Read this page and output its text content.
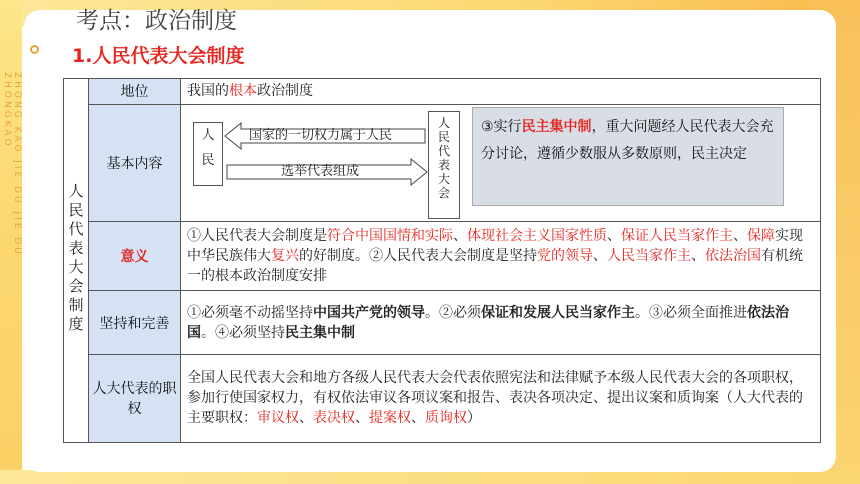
ZHONG KAO JIE DU JIE DU
ZHONGKAO
考点：政治制度
1.人民代表大会制度
人民代表大会制度	地位	我国的根本政治制度
	基本内容	人民
国家的一切权力属于人民
选举代表组成
人民代表大会
③实行民主集中制，重大问题经人民代表大会充分讨论，遵循少数服从多数原则，民主决定

	意义	①人民代表大会制度是符合中国国情和实际、体现社会主义国家性质、保证人民当家作主、保障实现中华民族伟大复兴的好制度。②人民代表大会制度是坚持党的领导、人民当家作主、依法治国有机统一的根本政治制度安排
	坚持和完善	①必须毫不动摇坚持中国共产党的领导。②必须保证和发展人民当家作主。③必须全面推进依法治国。④必须坚持民主集中制
	人大代表的职权	全国人民代表大会和地方各级人民代表大会代表依照宪法和法律赋予本级人民代表大会的各项职权，参加行使国家权力，有权依法审议各项议案和报告、表决各项决定、提出议案和质询案（人大代表的主要职权：审议权、表决权、提案权、质询权）
